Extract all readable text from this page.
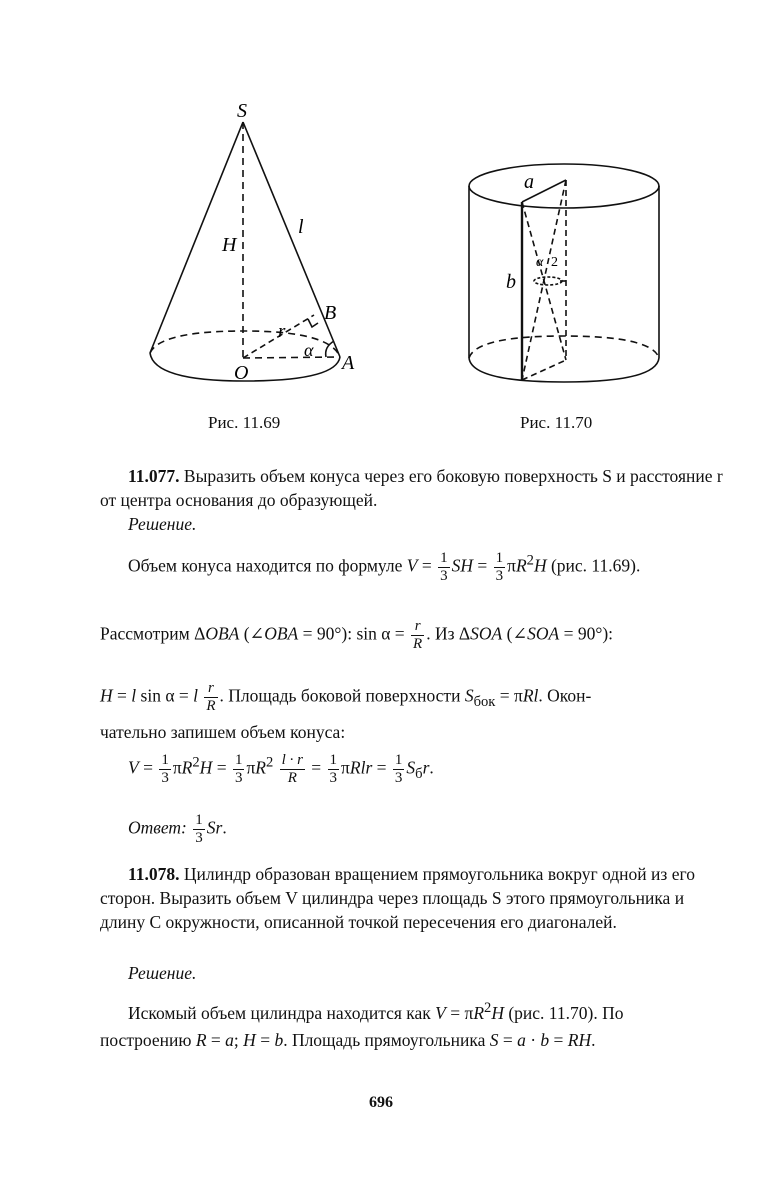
S
H
l
B
r
α
O	A
a
b
α 2
Рис. 11.69	Рис. 11.70
11.077. Выразить объем конуса через его боковую поверхность S и расстояние r от центра основания до образующей.
Решение.
Объем конуса находится по формуле $V = \frac{1}{3}$ SH = $\frac{1}{3} \pi R^2H$ (рис. 11.69).
Рассмотрим ΔOBA (∠OBA = 90°): $\sin \alpha = \frac{r}{R}$ . Из ΔSOA (∠SOA = 90°):
H = l sin α = l $\frac{r}{R}$ . Площадь боковой поверхности $S_{бок} = \pi Rl$. Окон-
чательно запишем объем конуса:
$V = \frac{1}{3} \pi R^2H = \frac{1}{3} \pi R^2 \frac{l \cdot r}{R} = \frac{1}{3}$ $\pi Rlr = \frac{1}{3} S_бr$.
Ответ: $\frac{1}{3} Sr$.
11.078. Цилиндр образован вращением прямоугольника вокруг одной из его сторон. Выразить объем V цилиндра через площадь S этого прямоугольника и длину C окружности, описанной точкой пересечения его диагоналей.
Решение.
Искомый объем цилиндра находится как $V = \pi R^2H$ (рис. 11.70). По
построению R = a; H = b. Площадь прямоугольника S = a · b = RH.
696
